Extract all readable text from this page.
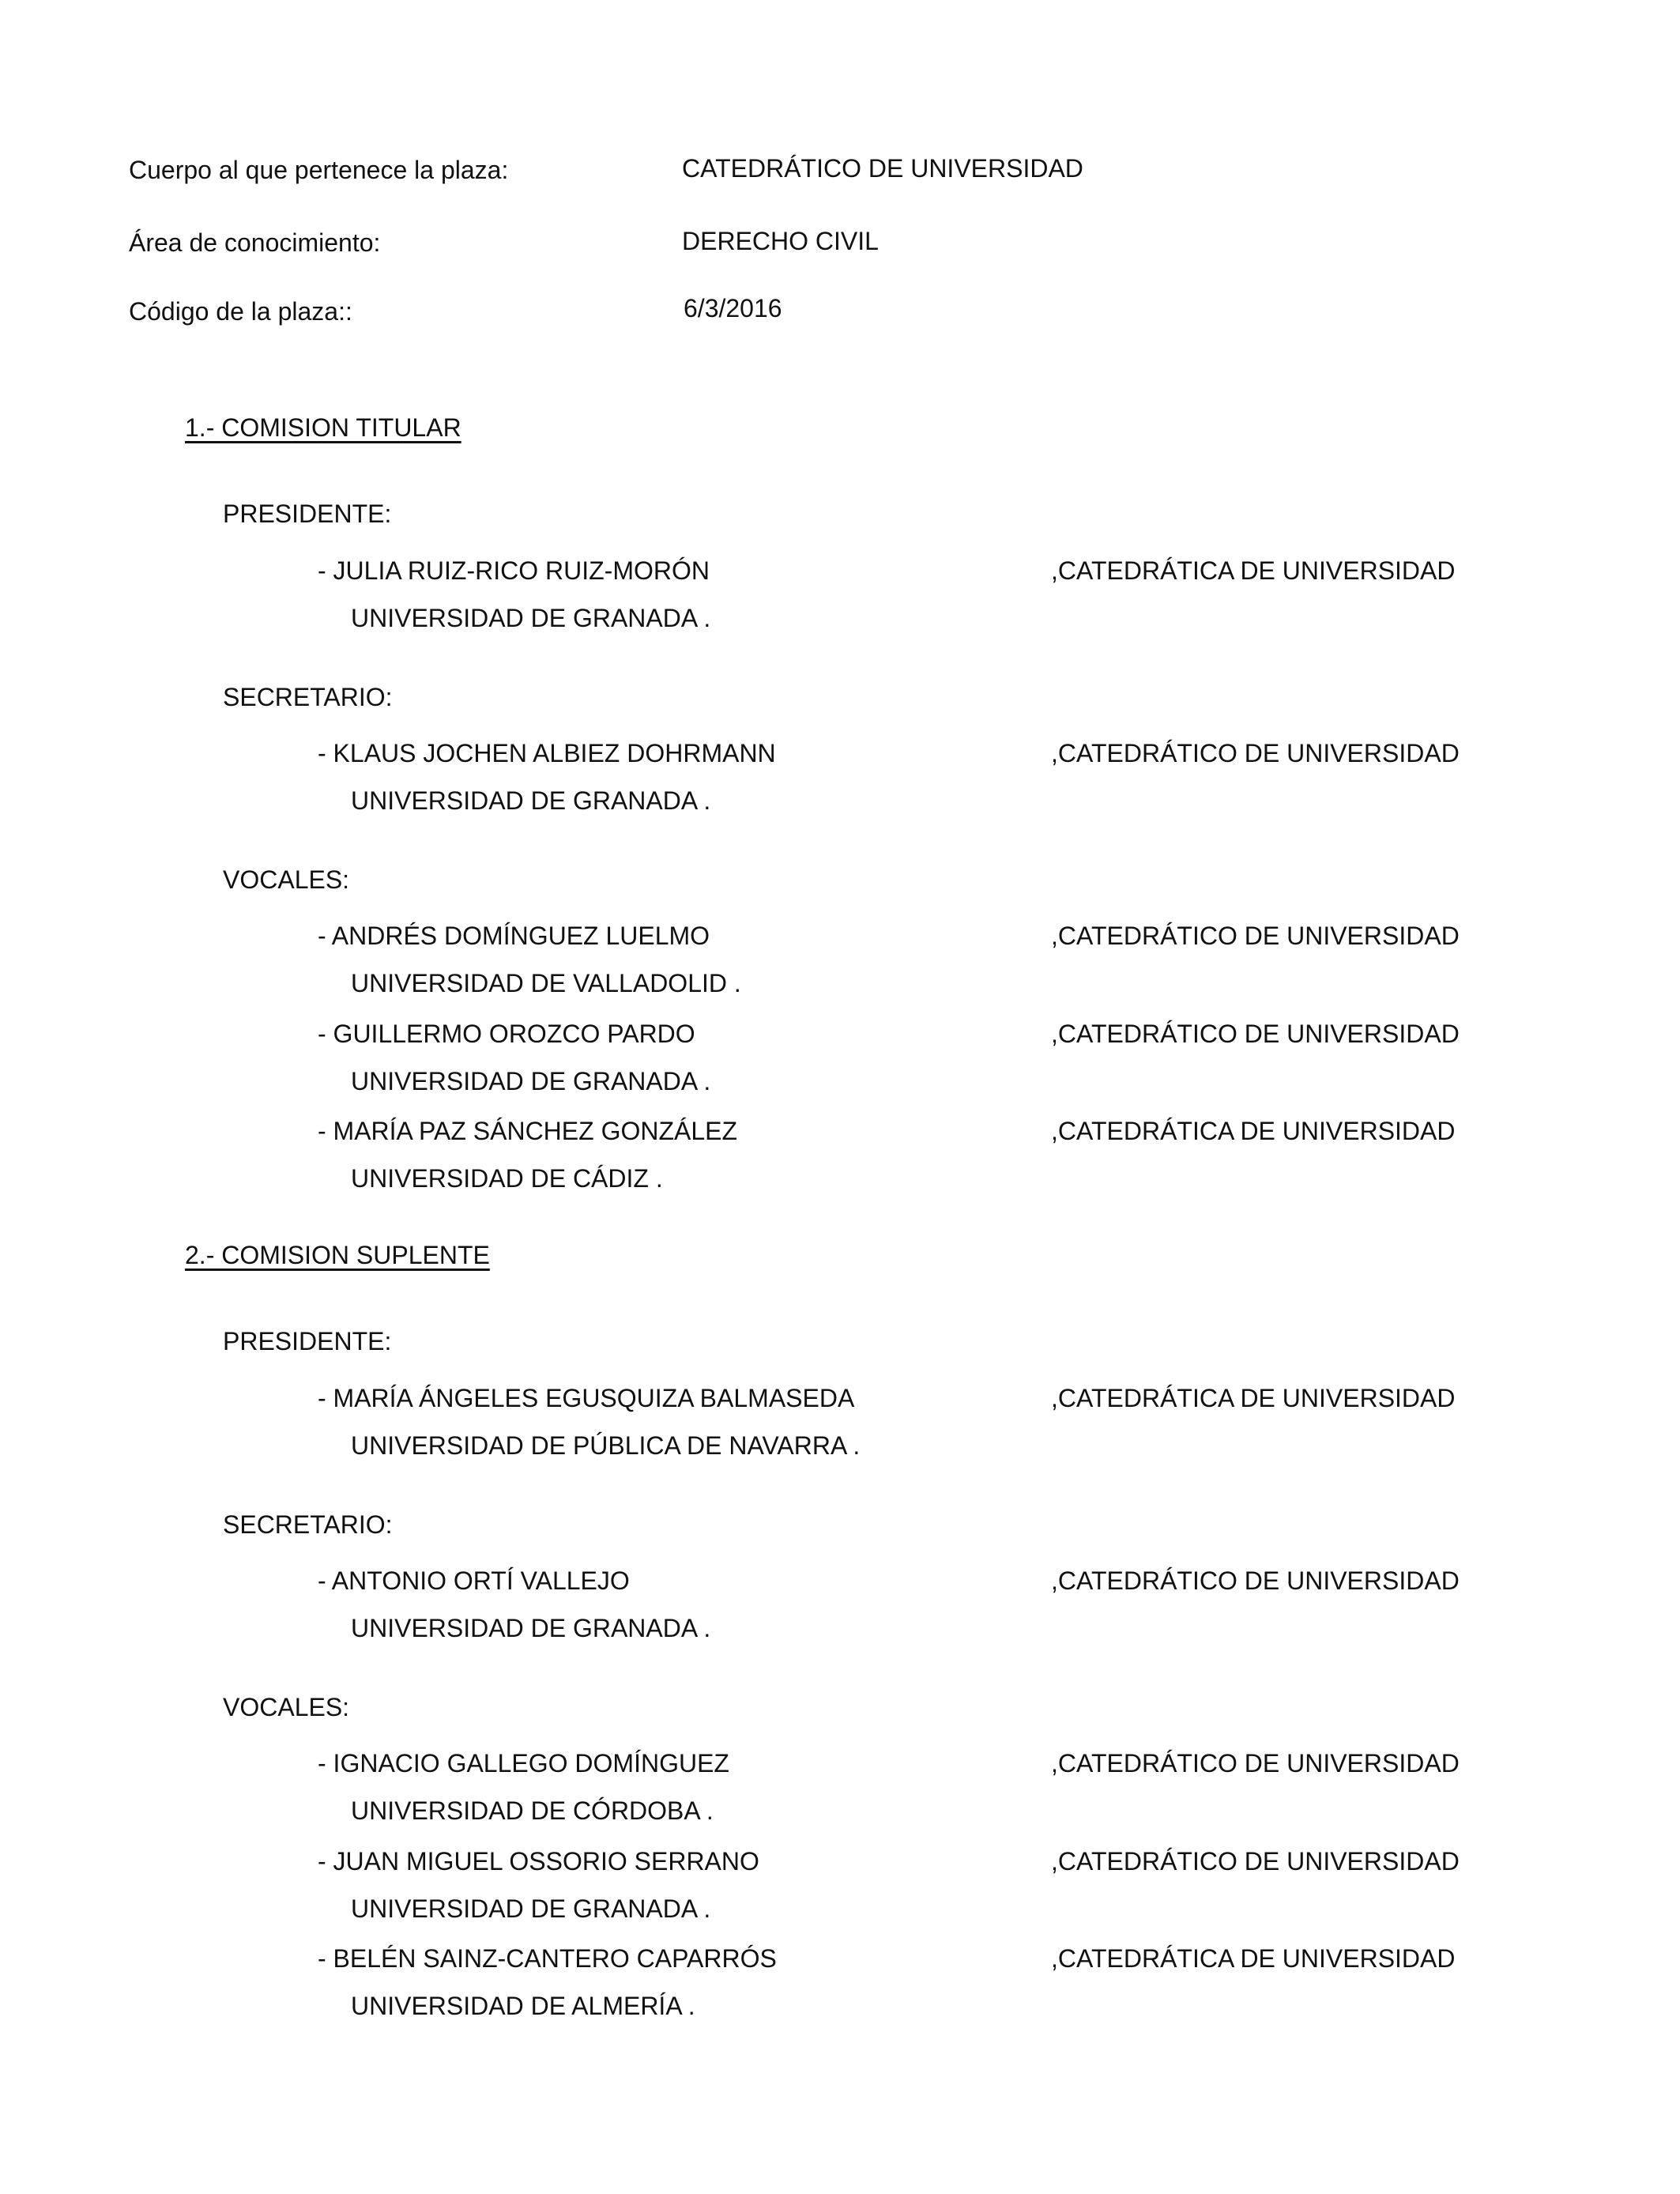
Cuerpo al que pertenece la plaza:	CATEDRÁTICO DE UNIVERSIDAD
Área de conocimiento:	DERECHO CIVIL
Código de la plaza::	6/3/2016
1.- COMISION TITULAR
PRESIDENTE:
- JULIA RUIZ-RICO RUIZ-MORÓN	,CATEDRÁTICA DE UNIVERSIDAD
UNIVERSIDAD DE GRANADA .
SECRETARIO:
- KLAUS JOCHEN ALBIEZ DOHRMANN	,CATEDRÁTICO DE UNIVERSIDAD
UNIVERSIDAD DE GRANADA .
VOCALES:
- ANDRÉS DOMÍNGUEZ LUELMO	,CATEDRÁTICO DE UNIVERSIDAD
UNIVERSIDAD DE VALLADOLID .
- GUILLERMO OROZCO PARDO	,CATEDRÁTICO DE UNIVERSIDAD
UNIVERSIDAD DE GRANADA .
- MARÍA PAZ SÁNCHEZ GONZÁLEZ	,CATEDRÁTICA DE UNIVERSIDAD
UNIVERSIDAD DE CÁDIZ .
2.- COMISION SUPLENTE
PRESIDENTE:
- MARÍA ÁNGELES EGUSQUIZA BALMASEDA	,CATEDRÁTICA DE UNIVERSIDAD
UNIVERSIDAD DE PÚBLICA DE NAVARRA .
SECRETARIO:
- ANTONIO ORTÍ VALLEJO	,CATEDRÁTICO DE UNIVERSIDAD
UNIVERSIDAD DE GRANADA .
VOCALES:
- IGNACIO GALLEGO DOMÍNGUEZ	,CATEDRÁTICO DE UNIVERSIDAD
UNIVERSIDAD DE CÓRDOBA .
- JUAN MIGUEL OSSORIO SERRANO	,CATEDRÁTICO DE UNIVERSIDAD
UNIVERSIDAD DE GRANADA .
- BELÉN SAINZ-CANTERO CAPARRÓS	,CATEDRÁTICA DE UNIVERSIDAD
UNIVERSIDAD DE ALMERÍA .
